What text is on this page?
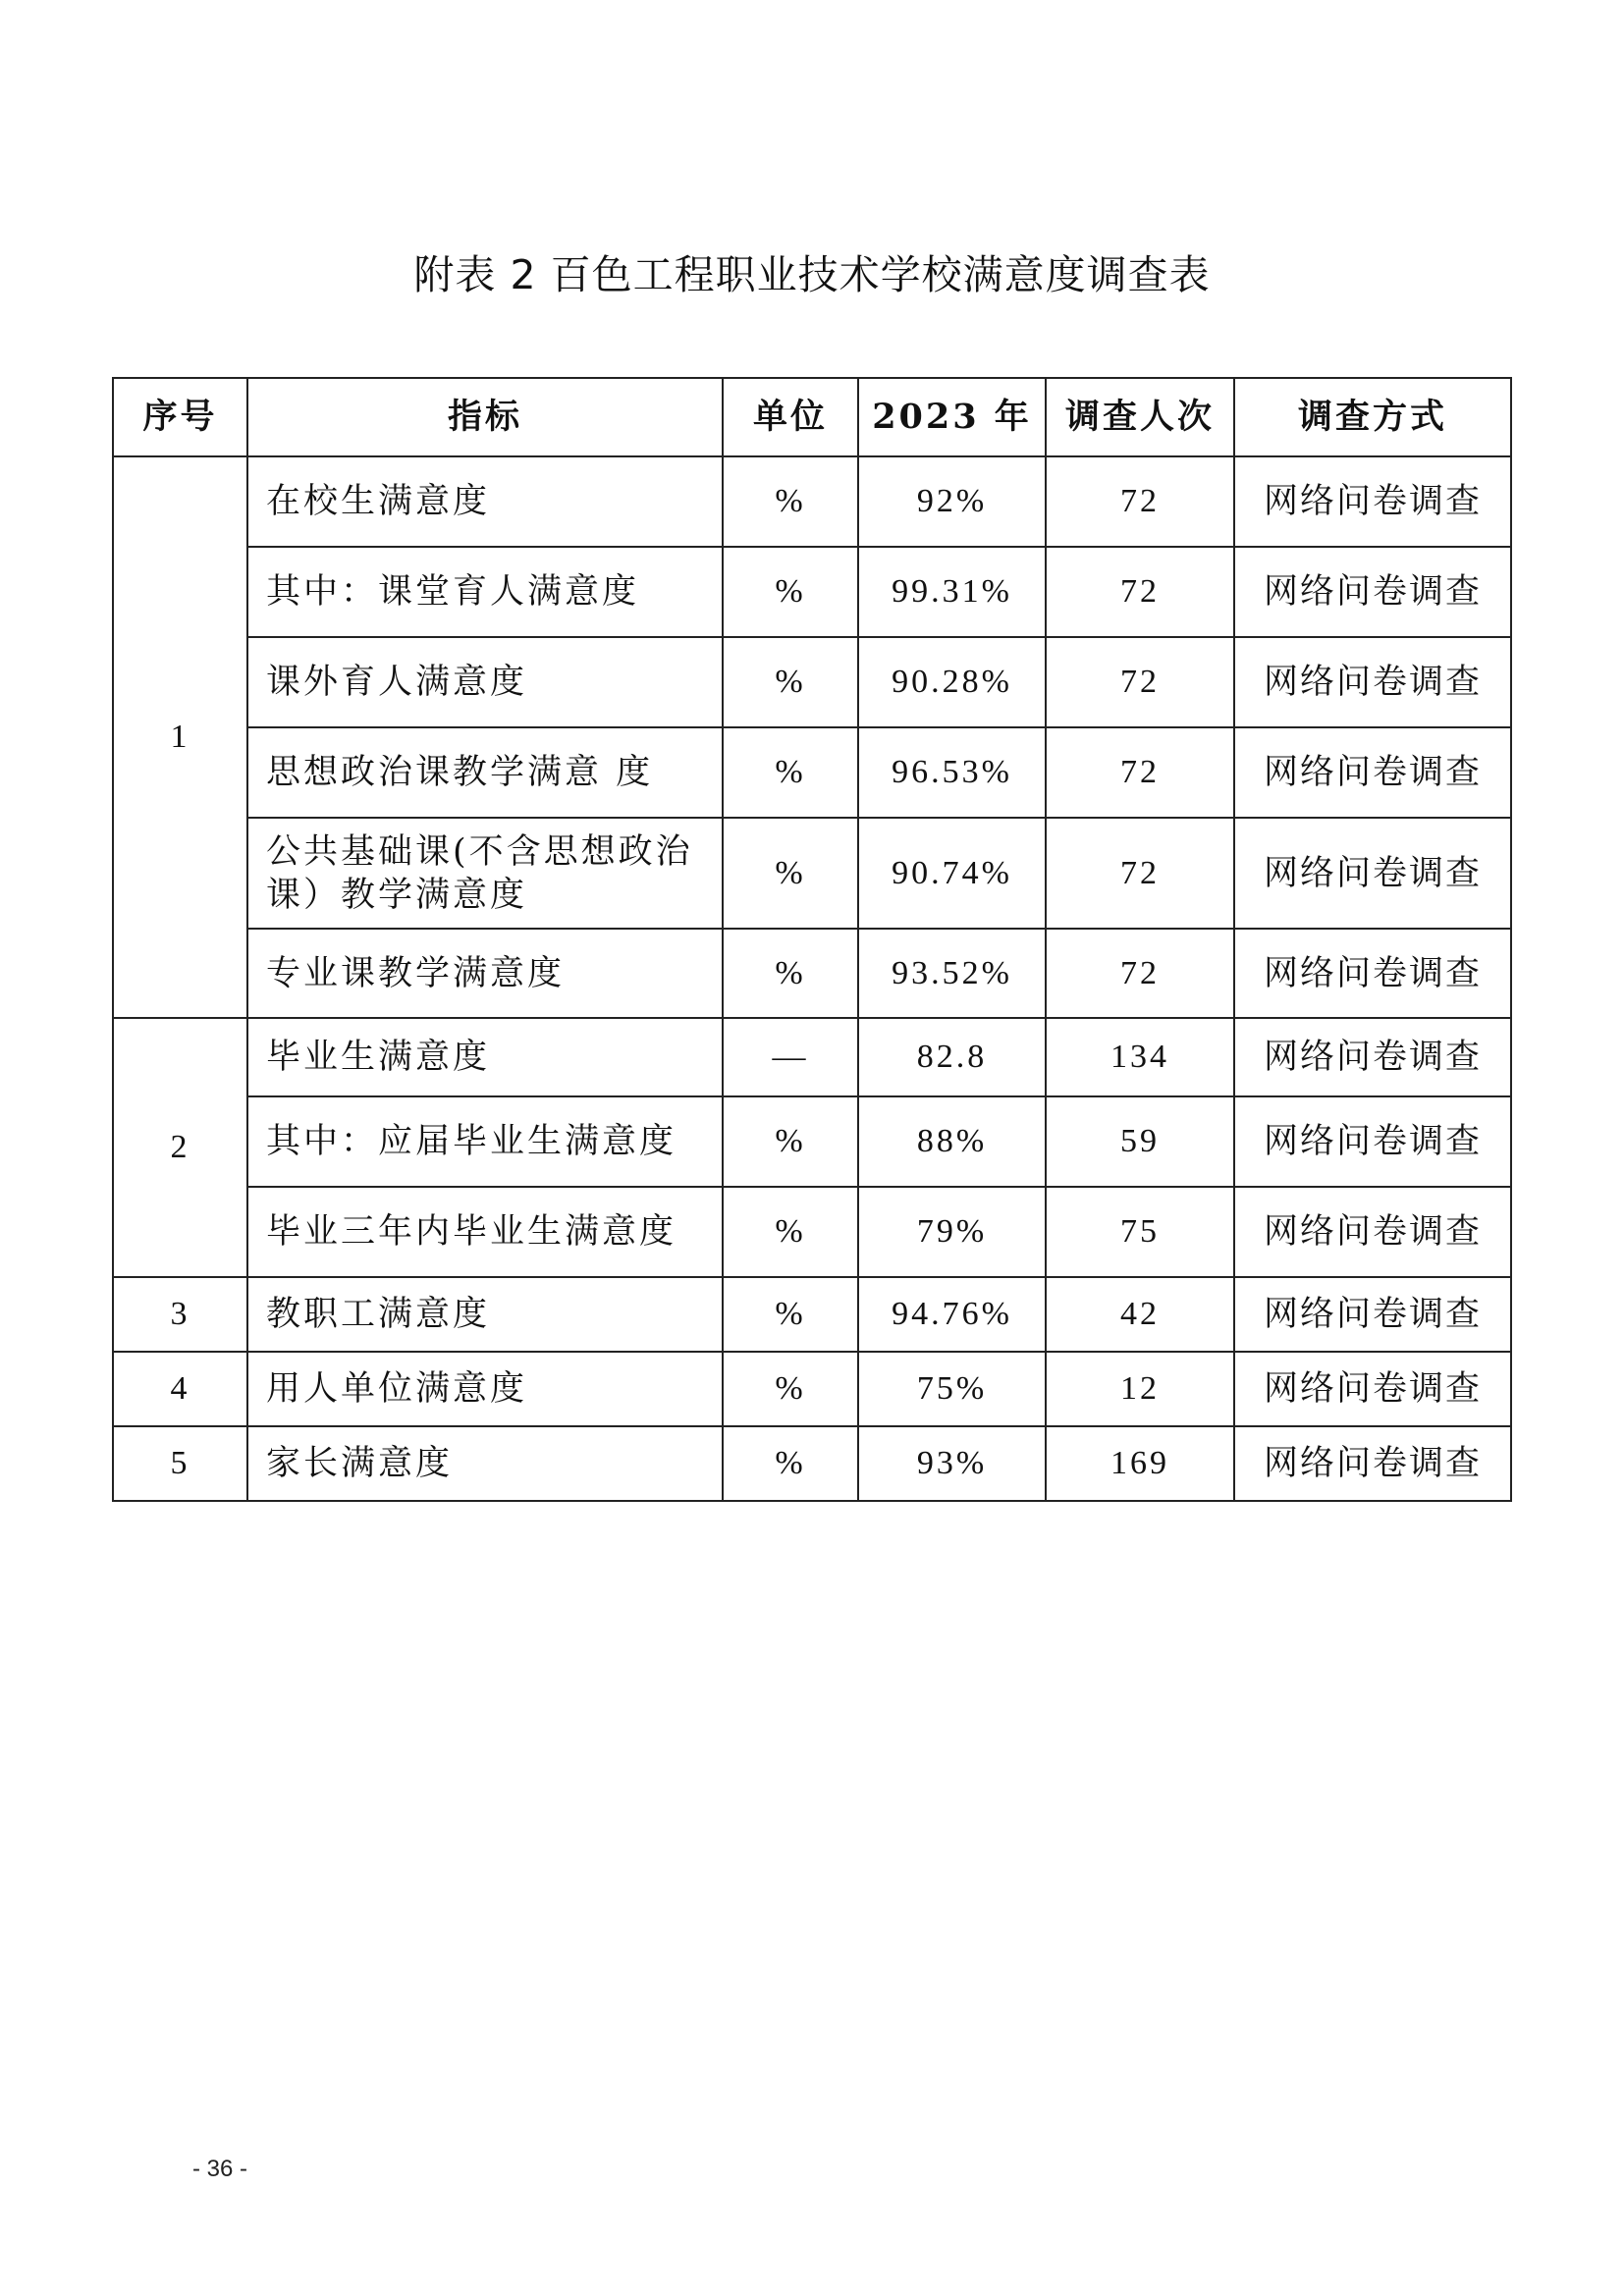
附表 2 百色工程职业技术学校满意度调查表
序号	指标	单位	2023 年	调查人次	调查方式
1	在校生满意度	%	92%	72	网络问卷调查
	其中：课堂育人满意度	%	99.31%	72	网络问卷调查
	课外育人满意度	%	90.28%	72	网络问卷调查
	思想政治课教学满意 度	%	96.53%	72	网络问卷调查
	公共基础课(不含思想政治课）教学满意度	%	90.74%	72	网络问卷调查
	专业课教学满意度	%	93.52%	72	网络问卷调查
2	毕业生满意度	—	82.8	134	网络问卷调查
	其中：应届毕业生满意度	%	88%	59	网络问卷调查
	毕业三年内毕业生满意度	%	79%	75	网络问卷调查
3	教职工满意度	%	94.76%	42	网络问卷调查
4	用人单位满意度	%	75%	12	网络问卷调查
5	家长满意度	%	93%	169	网络问卷调查
- 36 -
